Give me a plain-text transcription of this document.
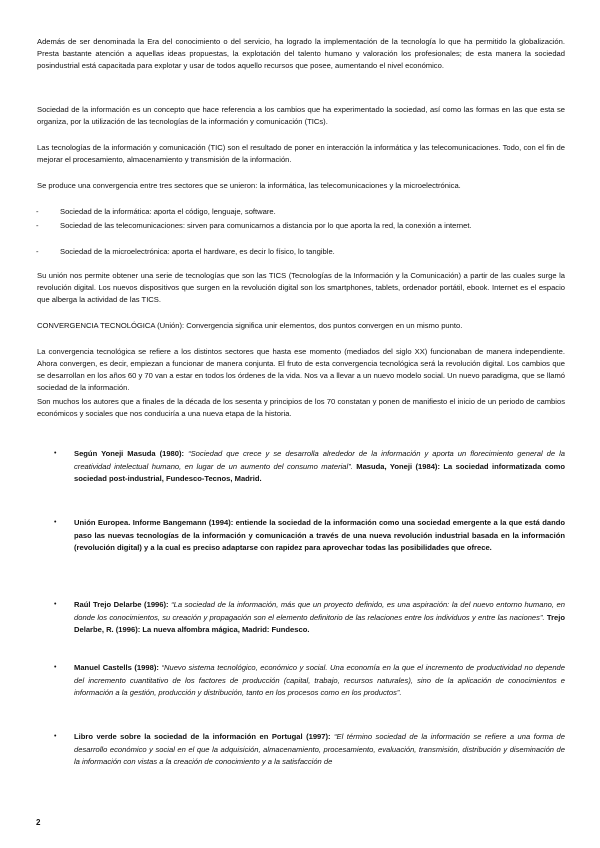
Además de ser denominada la Era del conocimiento o del servicio, ha logrado la implementación de la tecnología lo que ha permitido la globalización. Presta bastante atención a aquellas ideas propuestas, la explotación del talento humano y valoración los profesionales; de esta manera la sociedad posindustrial está capacitada para explotar y usar de todos aquello recursos que posee, aumentando el nivel económico.
Sociedad de la información es un concepto que hace referencia a los cambios que ha experimentado la sociedad, así como las formas en las que esta se organiza, por la utilización de las tecnologías de la información y comunicación (TICs).
Las tecnologías de la información y comunicación (TIC) son el resultado de poner en interacción la informática y las telecomunicaciones. Todo, con el fin de mejorar el procesamiento, almacenamiento y transmisión de la información.
Se produce una convergencia entre tres sectores que se unieron: la informática, las telecomunicaciones y la microelectrónica.
-	Sociedad de la informática: aporta el código, lenguaje, software.
-	Sociedad de las telecomunicaciones: sirven para comunicarnos a distancia por lo que aporta la red, la conexión a internet.
-	Sociedad de la microelectrónica: aporta el hardware, es decir lo físico, lo tangible.
Su unión nos permite obtener una serie de tecnologías que son las TICS (Tecnologías de la Información y la Comunicación) a partir de las cuales surge la revolución digital. Los nuevos dispositivos que surgen en la revolución digital son los smartphones, tablets, ordenador portátil, ebook. Internet es el espacio que alberga la actividad de las TICS.
CONVERGENCIA TECNOLÓGICA (Unión): Convergencia significa unir elementos, dos puntos convergen en un mismo punto.
La convergencia tecnológica se refiere a los distintos sectores que hasta ese momento (mediados del siglo XX) funcionaban de manera independiente. Ahora convergen, es decir, empiezan a funcionar de manera conjunta. El fruto de esta convergencia tecnológica será la revolución digital. Los cambios que se desarrollan en los años 60 y 70 van a estar en todos los órdenes de la vida. Nos va a llevar a un nuevo modelo social. Un nuevo paradigma, que se llamó sociedad de la información.
Son muchos los autores que a finales de la década de los sesenta y principios de los 70 constatan y ponen de manifiesto el inicio de un periodo de cambios económicos y sociales que nos conduciría a una nueva etapa de la historia.
• Según Yoneji Masuda (1980): “Sociedad que crece y se desarrolla alrededor de la información y aporta un florecimiento general de la creatividad intelectual humano, en lugar de un aumento del consumo material”. Masuda, Yoneji (1984): La sociedad informatizada como sociedad post-industrial, Fundesco-Tecnos, Madrid.
• Unión Europea. Informe Bangemann (1994): entiende la sociedad de la información como una sociedad emergente a la que está dando paso las nuevas tecnologías de la información y comunicación a través de una nueva revolución industrial basada en la información (revolución digital) y a la cual es preciso adaptarse con rapidez para aprovechar todas las posibilidades que ofrece.
• Raúl Trejo Delarbe (1996): “La sociedad de la información, más que un proyecto definido, es una aspiración: la del nuevo entorno humano, en donde los conocimientos, su creación y propagación son el elemento definitorio de las relaciones entre los individuos y entre las naciones”. Trejo Delarbe, R. (1996): La nueva alfombra mágica, Madrid: Fundesco.
• Manuel Castells (1998): “Nuevo sistema tecnológico, económico y social. Una economía en la que el incremento de productividad no depende del incremento cuantitativo de los factores de producción (capital, trabajo, recursos naturales), sino de la aplicación de conocimientos e información a la gestión, producción y distribución, tanto en los procesos como en los productos”.
• Libro verde sobre la sociedad de la información en Portugal (1997): “El término sociedad de la información se refiere a una forma de desarrollo económico y social en el que la adquisición, almacenamiento, procesamiento, evaluación, transmisión, distribución y diseminación de la información con vistas a la creación de conocimiento y a la satisfacción de
2
